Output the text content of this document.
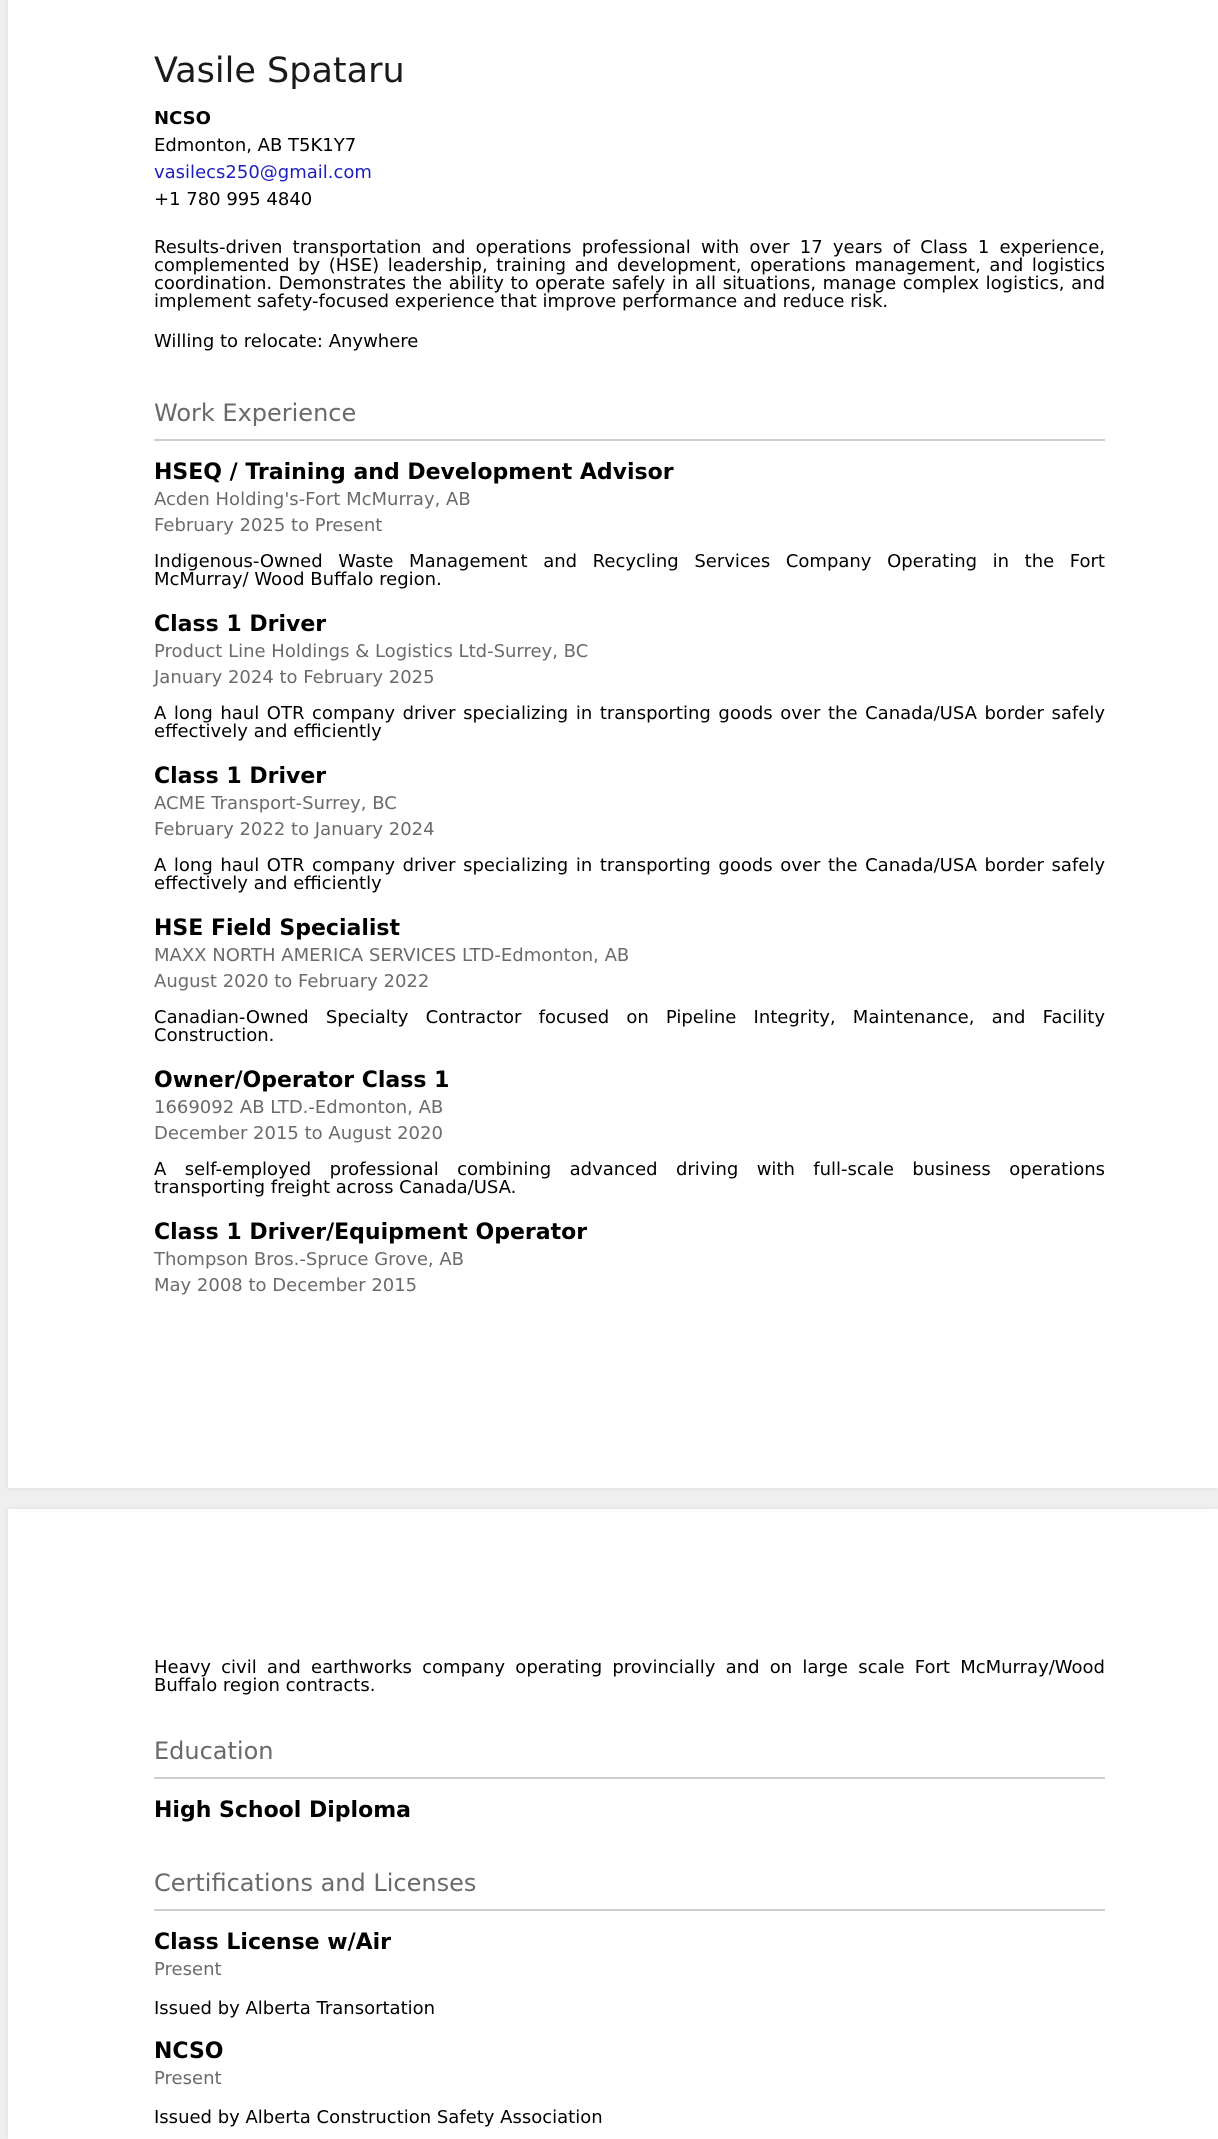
Vasile Spataru
NCSO
Edmonton, AB T5K1Y7
vasilecs250@gmail.com
+1 780 995 4840
Results-driven transportation and operations professional with over 17 years of Class 1 experience, complemented by (HSE) leadership, training and development, operations management, and logistics coordination. Demonstrates the ability to operate safely in all situations, manage complex logistics, and implement safety-focused experience that improve performance and reduce risk.
Willing to relocate: Anywhere
Work Experience
HSEQ / Training and Development Advisor
Acden Holding's-Fort McMurray, AB
February 2025 to Present
Indigenous-Owned Waste Management and Recycling Services Company Operating in the Fort McMurray/ Wood Buffalo region.
Class 1 Driver
Product Line Holdings & Logistics Ltd-Surrey, BC
January 2024 to February 2025
A long haul OTR company driver specializing in transporting goods over the Canada/USA border safely effectively and efficiently
Class 1 Driver
ACME Transport-Surrey, BC
February 2022 to January 2024
A long haul OTR company driver specializing in transporting goods over the Canada/USA border safely effectively and efficiently
HSE Field Specialist
MAXX NORTH AMERICA SERVICES LTD-Edmonton, AB
August 2020 to February 2022
Canadian-Owned Specialty Contractor focused on Pipeline Integrity, Maintenance, and Facility Construction.
Owner/Operator Class 1
1669092 AB LTD.-Edmonton, AB
December 2015 to August 2020
A self-employed professional combining advanced driving with full-scale business operations transporting freight across Canada/USA.
Class 1 Driver/Equipment Operator
Thompson Bros.-Spruce Grove, AB
May 2008 to December 2015
Heavy civil and earthworks company operating provincially and on large scale Fort McMurray/Wood Buffalo region contracts.
Education
High School Diploma
Certifications and Licenses
Class License w/Air
Present
Issued by Alberta Transortation
NCSO
Present
Issued by Alberta Construction Safety Association
